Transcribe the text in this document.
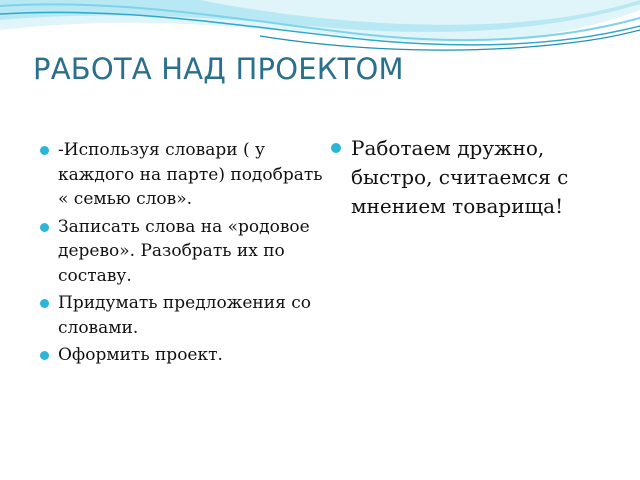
РАБОТА НАД ПРОЕКТОМ
-Используя словари ( у каждого на парте) подобрать « семью слов».
Записать слова на «родовое дерево». Разобрать их по составу.
Придумать предложения со словами.
Оформить проект.
Работаем дружно, быстро, считаемся с мнением товарища!
